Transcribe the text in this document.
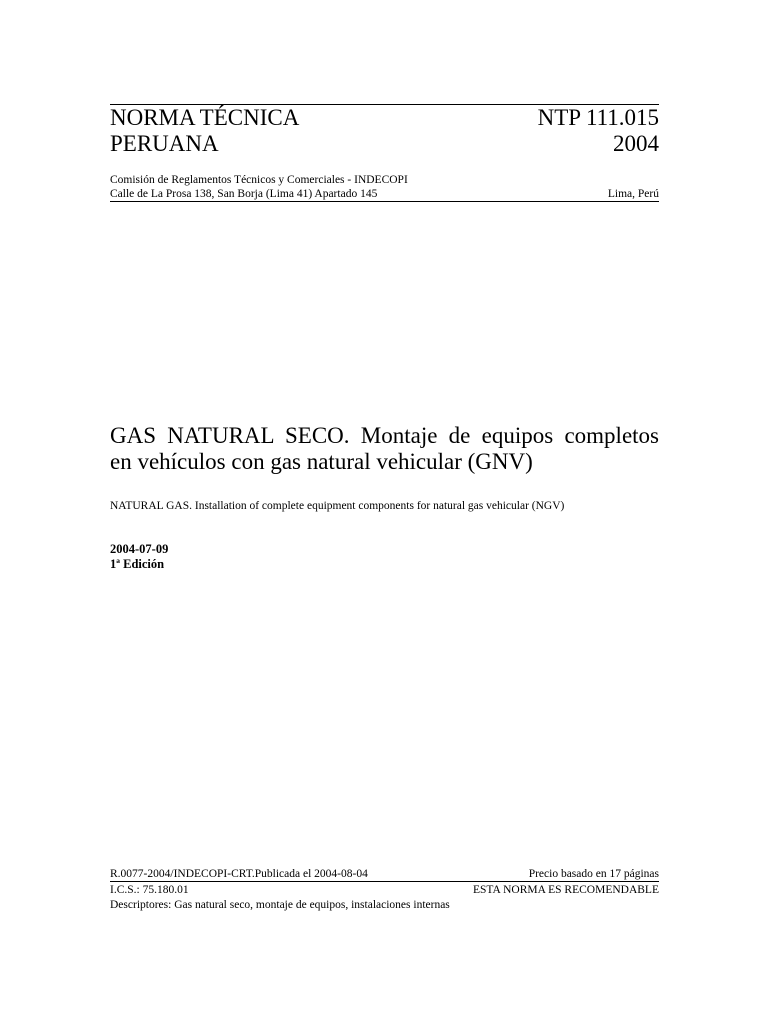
NORMA TÉCNICA	NTP 111.015
PERUANA	2004
Comisión de Reglamentos Técnicos y Comerciales - INDECOPI
Calle de La Prosa 138, San Borja (Lima 41) Apartado 145	Lima, Perú
GAS NATURAL SECO. Montaje de equipos completos
en vehículos con gas natural vehicular (GNV)
NATURAL GAS. Installation of complete equipment components for natural gas vehicular (NGV)
2004-07-09
1ª Edición
R.0077-2004/INDECOPI-CRT.Publicada el 2004-08-04	Precio basado en 17 páginas
I.C.S.: 75.180.01	ESTA NORMA ES RECOMENDABLE
Descriptores: Gas natural seco, montaje de equipos, instalaciones internas
